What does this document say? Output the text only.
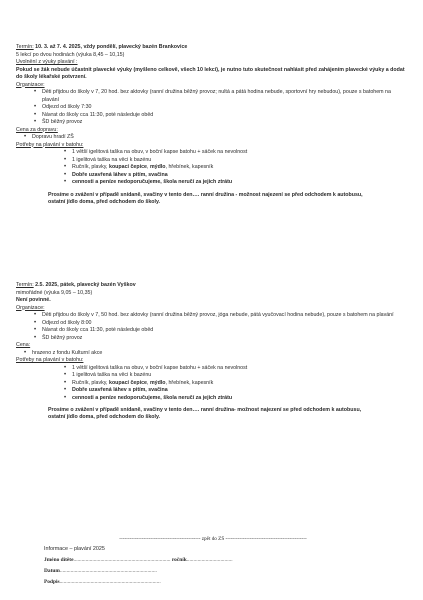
Termín: 10. 3. až 7. 4. 2025, vždy pondělí, plavecký bazén Brankovice
5 lekcí po dvou hodinách (výuka 8,45 – 10,15)
Uvolnění z výuky plavání :
Pokud se žák nebude účastnit plavecké výuky (myšleno celkově, všech 10 lekcí), je nutno tuto skutečnost nahlásit před zahájením plavecké výuky a dodat do školy lékařské potvrzení.
Organizace:
• Děti přijdou do školy v 7, 20 hod. bez aktovky (ranní družina běžný provoz; nultá a pátá hodina nebude, sportovní hry nebudou), pouze s batohem na plavání
• Odjezd od školy 7:30
• Návrat do školy cca 11:30, poté následuje oběd
• ŠD běžný provoz
Cena za dopravu:
• Dopravu hradí ZŠ
Potřeby na plavání v batohu:
• 1 větší igelitová taška na obuv, v boční kapse batohu + sáček na nevolnost
• 1 igelitová taška na věci k bazénu
• Ručník, plavky, koupací čepice, mýdlo, hřebínek, kapesník
• Dobře uzavřená láhev s pitím, svačina
• cennosti a peníze nedoporučujeme, škola neručí za jejich ztrátu
Prosíme o zvážení v případě snídaně, svačiny v tento den…. ranní družina - možnost najezení se před odchodem k autobusu, ostatní jídlo doma, před odchodem do školy.
Termín: 2.5. 2025, pátek, plavecký bazén Vyškov
mimořádné (výuka 9,05 – 10,35)
Není povinné.
Organizace:
• Děti přijdou do školy v 7, 50 hod. bez aktovky (ranní družina běžný provoz, jóga nebude, pátá vyučovací hodina nebude), pouze s batohem na plavání
• Odjezd od školy 8:00
• Návrat do školy cca 11:30, poté následuje oběd
• ŠD běžný provoz
Cena:
• hrazeno z fondu Kulturní akce
Potřeby na plavání v batohu:
• 1 větší igelitová taška na obuv, v boční kapse batohu + sáček na nevolnost
• 1 igelitová taška na věci k bazénu
• Ručník, plavky, koupací čepice, mýdlo, hřebínek, kapesník
• Dobře uzavřená láhev s pitím, svačina
• cennosti a peníze nedoporučujeme, škola neručí za jejich ztrátu
Prosíme o zvážení v případě snídaně, svačiny v tento den…. ranní družina- možnost najezení se před odchodem k autobusu, ostatní jídlo doma, před odchodem do školy.
----------------------------------------------- zpět do ZŠ -----------------------------------------------
Informace – plavání 2025
Jméno dítěte........................................................................ ročník..................................
Datum........................................................................
Podpis...........................................................................
